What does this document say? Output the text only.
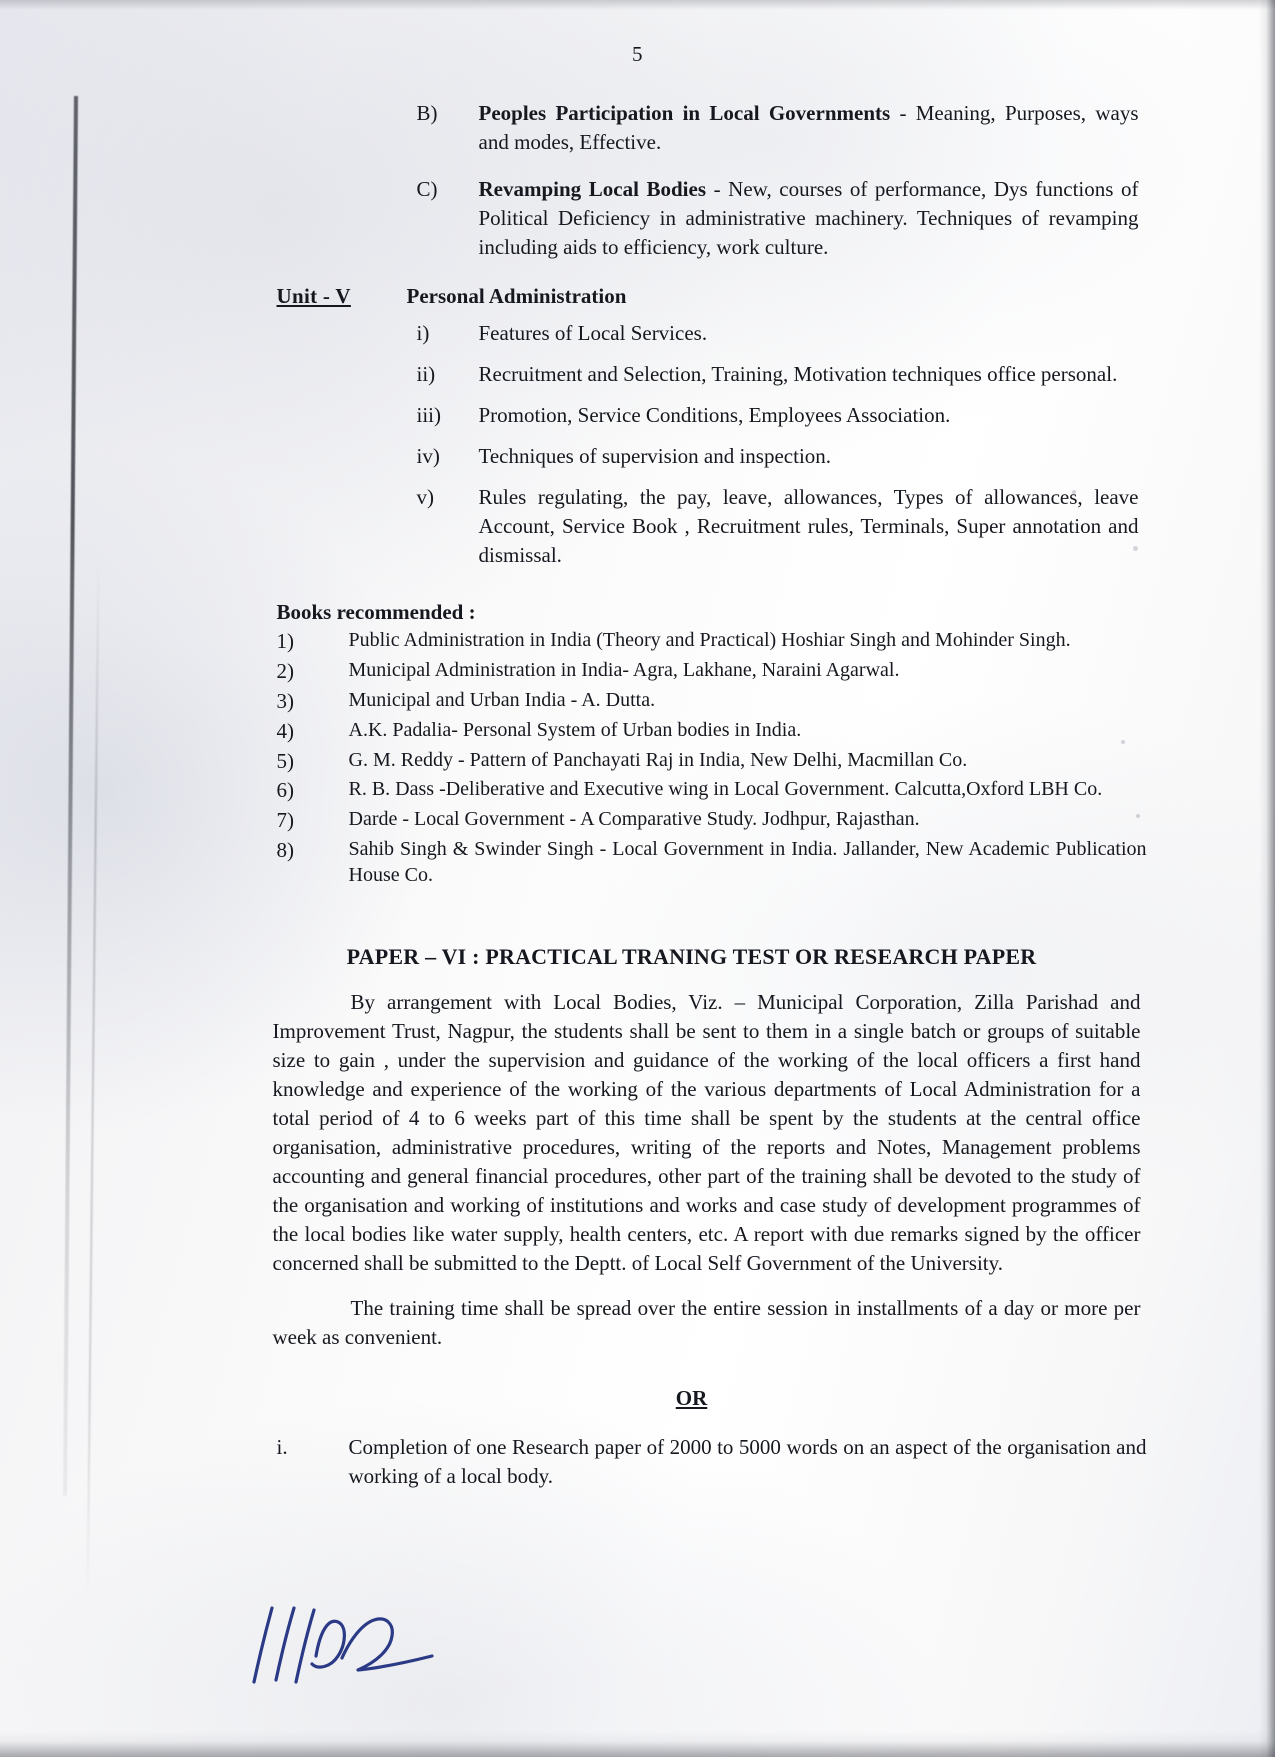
5
B)	Peoples Participation in Local Governments - Meaning, Purposes, ways and modes, Effective.
C)	Revamping Local Bodies - New, courses of performance, Dys functions of Political Deficiency in administrative machinery. Techniques of revamping including aids to efficiency, work culture.
Unit - V	Personal Administration
i)	Features of Local Services.
ii)	Recruitment and Selection, Training, Motivation techniques office personal.
iii)	Promotion, Service Conditions, Employees Association.
iv)	Techniques of supervision and inspection.
v)	Rules regulating, the pay, leave, allowances, Types of allowances, leave Account, Service Book , Recruitment rules, Terminals, Super annotation and dismissal.
Books recommended :
1)	Public Administration in India (Theory and Practical) Hoshiar Singh and Mohinder Singh.
2)	Municipal Administration in India- Agra, Lakhane, Naraini Agarwal.
3)	Municipal and Urban India - A. Dutta.
4)	A.K. Padalia- Personal System of Urban bodies in India.
5)	G. M. Reddy - Pattern of Panchayati Raj in India, New Delhi, Macmillan Co.
6)	R. B. Dass -Deliberative and Executive wing in Local Government. Calcutta,Oxford LBH Co.
7)	Darde - Local Government - A Comparative Study. Jodhpur, Rajasthan.
8)	Sahib Singh & Swinder Singh - Local Government in India. Jallander, New Academic Publication House Co.
PAPER – VI : PRACTICAL TRANING TEST OR RESEARCH PAPER
By arrangement with Local Bodies, Viz. – Municipal Corporation, Zilla Parishad and Improvement Trust, Nagpur, the students shall be sent to them in a single batch or groups of suitable size to gain , under the supervision and guidance of the working of the local officers a first hand knowledge and experience of the working of the various departments of Local Administration for a total period of 4 to 6 weeks part of this time shall be spent by the students at the central office organisation, administrative procedures, writing of the reports and Notes, Management problems accounting and general financial procedures, other part of the training shall be devoted to the study of the organisation and working of institutions and works and case study of development programmes of the local bodies like water supply, health centers, etc. A report with due remarks signed by the officer concerned shall be submitted to the Deptt. of Local Self Government of the University.
The training time shall be spread over the entire session in installments of a day or more per week as convenient.
OR
i.	Completion of one Research paper of 2000 to 5000 words on an aspect of the organisation and working of a local body.
